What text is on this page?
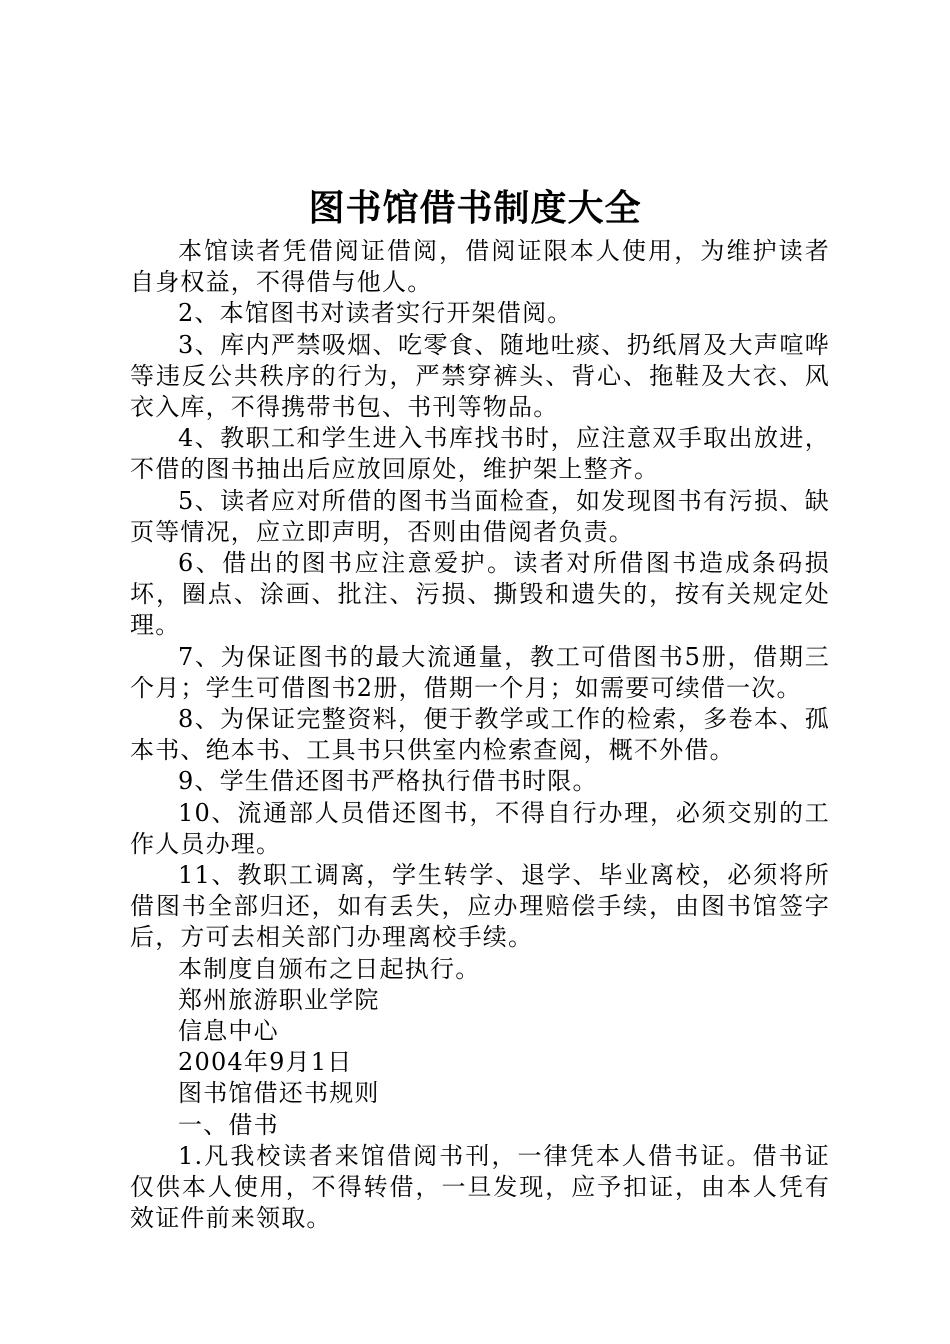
图书馆借书制度大全

本馆读者凭借阅证借阅，借阅证限本人使用，为维护读者自身权益，不得借与他人。

2、本馆图书对读者实行开架借阅。

3、库内严禁吸烟、吃零食、随地吐痰、扔纸屑及大声喧哗等违反公共秩序的行为，严禁穿裤头、背心、拖鞋及大衣、风衣入库，不得携带书包、书刊等物品。

4、教职工和学生进入书库找书时，应注意双手取出放进，不借的图书抽出后应放回原处，维护架上整齐。

5、读者应对所借的图书当面检查，如发现图书有污损、缺页等情况，应立即声明，否则由借阅者负责。

6、借出的图书应注意爱护。读者对所借图书造成条码损坏，圈点、涂画、批注、污损、撕毁和遗失的，按有关规定处理。

7、为保证图书的最大流通量，教工可借图书5册，借期三个月；学生可借图书2册，借期一个月；如需要可续借一次。

8、为保证完整资料，便于教学或工作的检索，多卷本、孤本书、绝本书、工具书只供室内检索查阅，概不外借。

9、学生借还图书严格执行借书时限。

10、流通部人员借还图书，不得自行办理，必须交别的工作人员办理。

11、教职工调离，学生转学、退学、毕业离校，必须将所借图书全部归还，如有丢失，应办理赔偿手续，由图书馆签字后，方可去相关部门办理离校手续。

本制度自颁布之日起执行。

郑州旅游职业学院

信息中心

2004年9月1日

图书馆借还书规则

一、借书

1.凡我校读者来馆借阅书刊，一律凭本人借书证。借书证仅供本人使用，不得转借，一旦发现，应予扣证，由本人凭有效证件前来领取。
